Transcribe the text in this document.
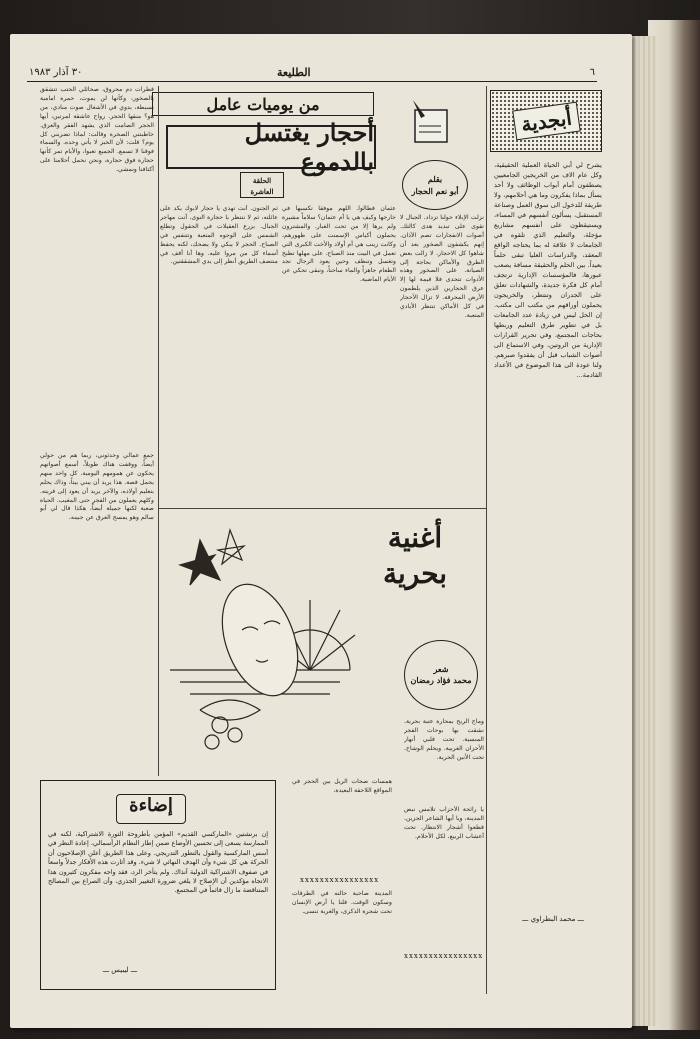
٦
الطليعة
٣٠ آذار ١٩٨٣
أبجدية

يشرح لي أبي الحياة العملية الحقيقية، وكل عام الاف من الخريجين الجامعيين يصطفون أمام أبواب الوظائف ولا أحد يسأل بماذا يفكرون وما هي أحلامهم، ولا طريقة للدخول الى سوق العمل وصناعة المستقبل، يسألون أنفسهم في المساء، ويستيقظون على أنفسهم مشاريع مؤجلة، والتعليم الذي تلقوه في الجامعات لا علاقة له بما يحتاجه الواقع المعقد، والدراسات العليا تبقى حلماً بعيداً. بين الحلم والحقيقة مسافة يصعب عبورها، فالمؤسسات الإدارية ترتجف أمام كل فكرة جديدة، والشهادات تعلق على الجدران وتنتظر، والخريجون يحملون أوراقهم من مكتب الى مكتب. إن الحل ليس في زيادة عدد الجامعات بل في تطوير طرق التعليم وربطها بحاجات المجتمع، وفي تحرير القرارات الإدارية من الروتين، وفي الاستماع الى أصوات الشباب قبل أن يفقدوا صبرهم. ولنا عودة الى هذا الموضوع في الأعداد القادمة...

ـــ محمد البطراوي ـــ
من يوميات عامل
أحجار يغتسل بالدموع
الحلقة
العاشرة
بقلم
أبو نعم الحجار

نزلت الإبلاء حولنا تزداد. الجبال لا تقوى على تبديد هدى كالتك. أصوات الانفجارات تصم الآذان. إنهم يكشفون الصخور بعد أن شاهوا كل الاحجار. لا زالت بعض الطرق والأماكن بحاجة إلى الصيانة. على الصخور وهذه الأدوات تتحدى فلا قيمة لها إلا عرق الحجارين الذين يلطمون الأرض المحرقة. لا تزال الأحجار في كل الأماكن تنتظر الأيادي المتعبة.

عثمان قطالوا. اللهم موفقاً تكسبها في خارجها وكيف هي يا أم عثمان؟ سلاماً مشيرة ولم يرها إلا من تحت الغبار. والمشترون يحملون أكياس الإسمنت على ظهورهم، وكانت زينب هي أم أولاد والأخت الكبرى التي تعمل في البيت منذ الصباح. على مهلها تطبخ وتغسل وتنظف وحين يعود الرجال تجد الطعام جاهزاً والماء ساخناً، وتبقى تحكي عن الأيام الماضية.

ثم الجنون. أنت تهدي يا حجار لابوك يكد على عائلته، ثم لا ننتظر يا حجارة النوى. أنت مهاجر الجبال. يزرع العقيلات في الحقول وتطلع الشمس على الوجوه المتعبة وتتنفس في الصباح. الحجر لا يبكي ولا يضحك، لكنه يحفظ أسماء كل من مروا عليه. وها أنا أقف في منتصف الطريق أنظر إلى يدي المشققتين.

قطرات دم محروق، صحائلي الحتب تتشقق بالصخور، وكأنها لن يموت، حمرة امامية بسيطة، بدوي في الأشغال صوت منادي، من هو؟ منقها الحجر. رواح عاشقة لمرتين، أيها الحجر الصامت الذي يشهد الفقر والعرق. خاطبتني الصخرة وقالت: لماذا تضربني كل يوم؟ قلت: لأن الخبز لا يأتي وحده. والسماء فوقنا لا تسمع. الجميع تعبوا، والأيام تمر كأنها حجارة فوق حجارة، ونحن نحمل أحلامنا على أكتافنا ونمشي.

جمع عمالي وحدثوني، ربما هم من حولي أيضاً، ووقفت هناك طويلاً، أسمع أصواتهم يحكون عن همومهم اليومية. كل واحد منهم يحمل قصة. هذا يريد أن يبني بيتاً، وذاك يحلم بتعليم أولاده، والآخر يريد أن يعود إلى قريته. وكلهم يعملون من الفجر حتى المغيب. الحياة صعبة لكنها جميلة أيضاً، هكذا قال لي أبو سالم وهو يمسح العرق عن جبينه.

أغنية
بحرية
شعر
محمد فؤاد رمضان

وماج الريح بمحارة عتبة بحرية. نشقت بها بوحات الفجر المنسية. تحت قلبي أنهار الأحزان الغربية. ويحلم الوشاح. تحت الأنين الحرية.

همسات صحات الريل بين الحجر في المواقع اللاحقة البعيدة.

xxxxxxxxxxxxxxxx

المدينة صاحبة حالته في الطرقات وسكون الوقت. قلنا يا أرض الإنسان تحت شجرة الذكرى، والغربة تنسى.

يا رائحة الأحزاب تلامس نبض المدينة، ويا أيها الشاعر الحزين. قطعوا أشجار الانتظار. تحت أعشاب الربيع. لكل الأحلام.

xxxxxxxxxxxxxxxx
إضاءة

إن برنشتين «الماركسي القديم» المؤمن بأطروحة الثورة الاشتراكية، لكنه في الممارسة يسعى إلى تحسين الأوضاع ضمن إطار النظام الرأسمالي، إعادة النظر في أسس الماركسية والقول بالتطور التدريجي. وعلى هذا الطريق أعلن الإصلاحيون أن الحركة هي كل شيء وأن الهدف النهائي لا شيء. وقد أثارت هذه الأفكار جدلاً واسعاً في صفوف الاشتراكية الدولية آنذاك. ولم يتأخر الرد، فقد واجه مفكرون كثيرون هذا الاتجاه مؤكدين أن الإصلاح لا يلغي ضرورة التغيير الجذري، وأن الصراع بين المصالح المتناقضة ما زال قائماً في المجتمع.

ـــ ليبيس ـــ
